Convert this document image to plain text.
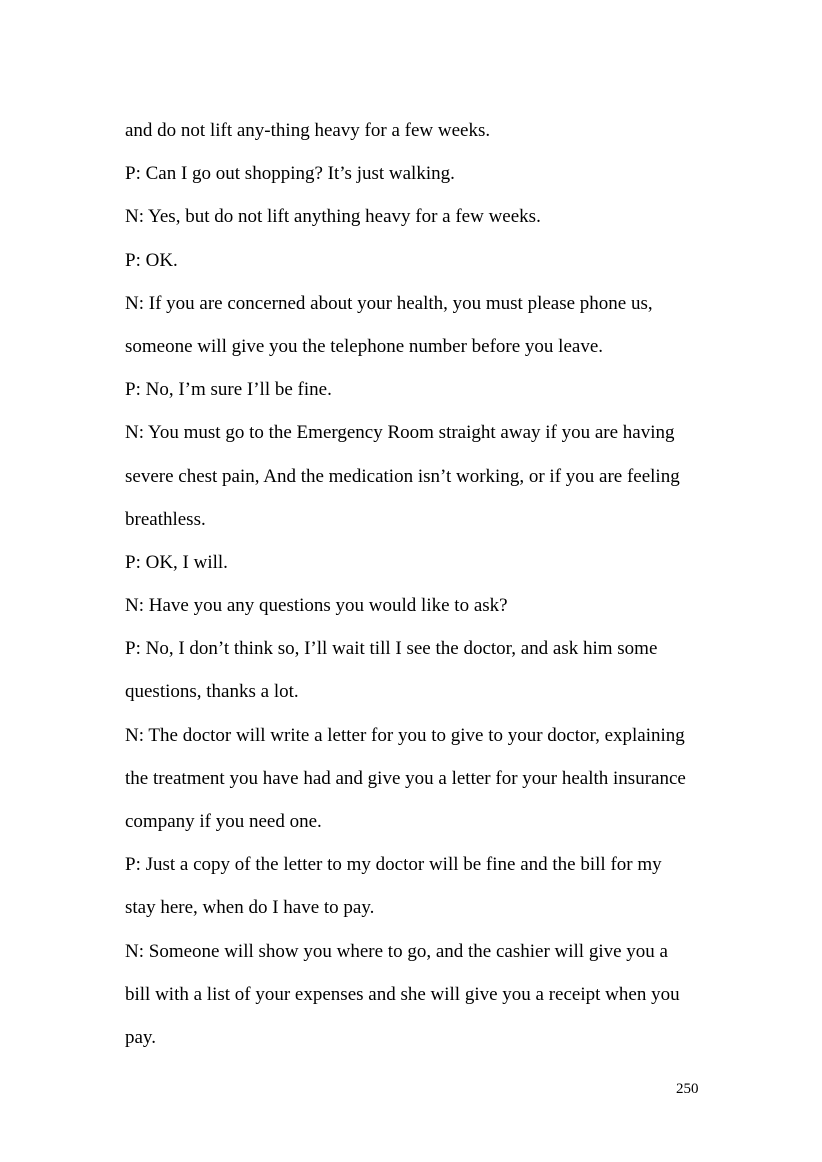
and do not lift any-thing heavy for a few weeks.
P: Can I go out shopping? It’s just walking.
N: Yes, but do not lift anything heavy for a few weeks.
P: OK.
N: If you are concerned about your health, you must please phone us,
someone will give you the telephone number before you leave.
P: No, I’m sure I’ll be fine.
N: You must go to the Emergency Room straight away if you are having
severe chest pain, And the medication isn’t working, or if you are feeling
breathless.
P: OK, I will.
N: Have you any questions you would like to ask?
P: No, I don’t think so, I’ll wait till I see the doctor, and ask him some
questions, thanks a lot.
N: The doctor will write a letter for you to give to your doctor, explaining
the treatment you have had and give you a letter for your health insurance
company if you need one.
P: Just a copy of the letter to my doctor will be fine and the bill for my
stay here, when do I have to pay.
N: Someone will show you where to go, and the cashier will give you a
bill with a list of your expenses and she will give you a receipt when you
pay.
250
